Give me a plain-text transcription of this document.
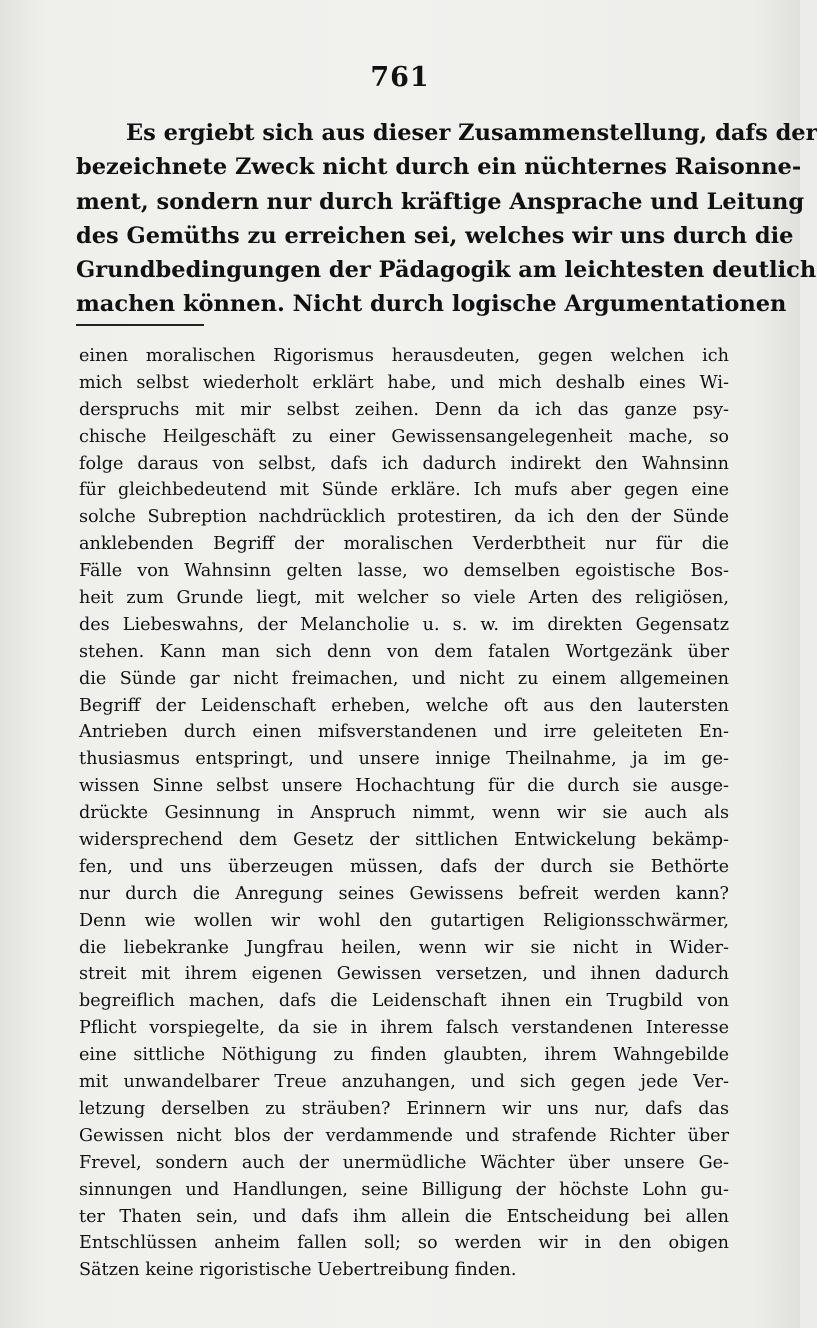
761
Es ergiebt sich aus dieser Zusammenstellung, dafs der
bezeichnete Zweck nicht durch ein nüchternes Raisonne-
ment, sondern nur durch kräftige Ansprache und Leitung
des Gemüths zu erreichen sei, welches wir uns durch die
Grundbedingungen der Pädagogik am leichtesten deutlich
machen können. Nicht durch logische Argumentationen
einen moralischen Rigorismus herausdeuten, gegen welchen ich
mich selbst wiederholt erklärt habe, und mich deshalb eines Wi-
derspruchs mit mir selbst zeihen. Denn da ich das ganze psy-
chische Heilgeschäft zu einer Gewissensangelegenheit mache, so
folge daraus von selbst, dafs ich dadurch indirekt den Wahnsinn
für gleichbedeutend mit Sünde erkläre. Ich mufs aber gegen eine
solche Subreption nachdrücklich protestiren, da ich den der Sünde
anklebenden Begriff der moralischen Verderbtheit nur für die
Fälle von Wahnsinn gelten lasse, wo demselben egoistische Bos-
heit zum Grunde liegt, mit welcher so viele Arten des religiösen,
des Liebeswahns, der Melancholie u. s. w. im direkten Gegensatz
stehen. Kann man sich denn von dem fatalen Wortgezänk über
die Sünde gar nicht freimachen, und nicht zu einem allgemeinen
Begriff der Leidenschaft erheben, welche oft aus den lautersten
Antrieben durch einen mifsverstandenen und irre geleiteten En-
thusiasmus entspringt, und unsere innige Theilnahme, ja im ge-
wissen Sinne selbst unsere Hochachtung für die durch sie ausge-
drückte Gesinnung in Anspruch nimmt, wenn wir sie auch als
widersprechend dem Gesetz der sittlichen Entwickelung bekämp-
fen, und uns überzeugen müssen, dafs der durch sie Bethörte
nur durch die Anregung seines Gewissens befreit werden kann?
Denn wie wollen wir wohl den gutartigen Religionsschwärmer,
die liebekranke Jungfrau heilen, wenn wir sie nicht in Wider-
streit mit ihrem eigenen Gewissen versetzen, und ihnen dadurch
begreiflich machen, dafs die Leidenschaft ihnen ein Trugbild von
Pflicht vorspiegelte, da sie in ihrem falsch verstandenen Interesse
eine sittliche Nöthigung zu finden glaubten, ihrem Wahngebilde
mit unwandelbarer Treue anzuhangen, und sich gegen jede Ver-
letzung derselben zu sträuben? Erinnern wir uns nur, dafs das
Gewissen nicht blos der verdammende und strafende Richter über
Frevel, sondern auch der unermüdliche Wächter über unsere Ge-
sinnungen und Handlungen, seine Billigung der höchste Lohn gu-
ter Thaten sein, und dafs ihm allein die Entscheidung bei allen
Entschlüssen anheim fallen soll; so werden wir in den obigen
Sätzen keine rigoristische Uebertreibung finden.
